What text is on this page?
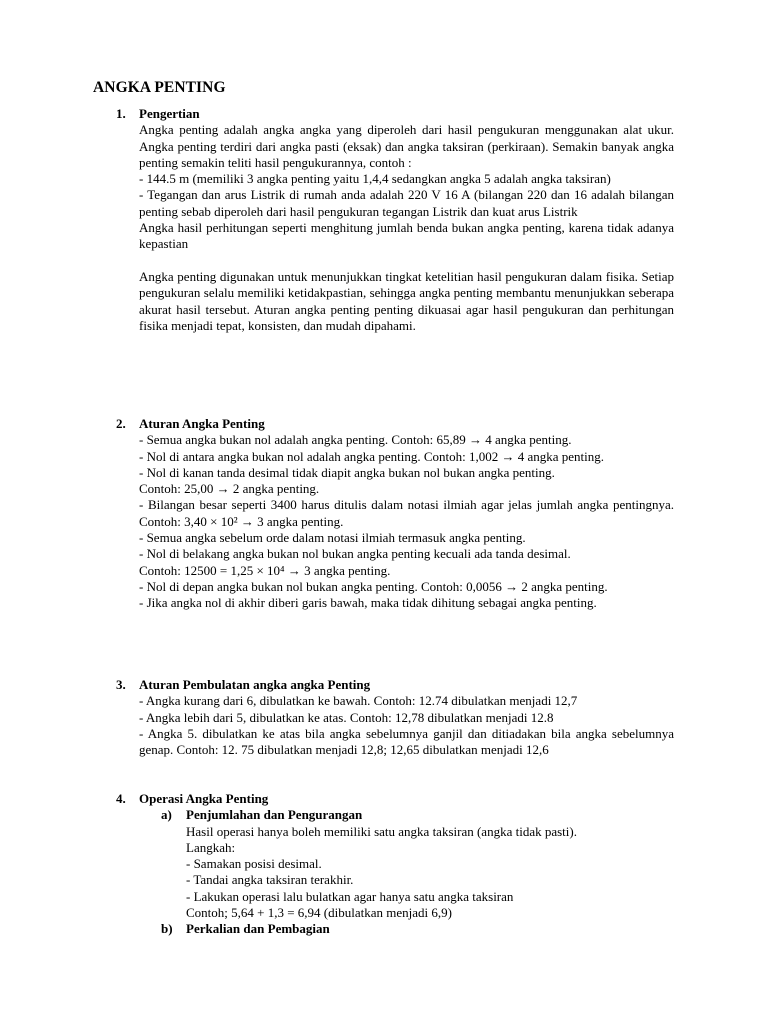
ANGKA PENTING
1. Pengertian

Angka penting adalah angka angka yang diperoleh dari hasil pengukuran menggunakan alat ukur. Angka penting terdiri dari angka pasti (eksak) dan angka taksiran (perkiraan). Semakin banyak angka penting semakin teliti hasil pengukurannya, contoh :

- 144.5 m (memiliki 3 angka penting yaitu 1,4,4 sedangkan angka 5 adalah angka taksiran)

- Tegangan dan arus Listrik di rumah anda adalah 220 V 16 A (bilangan 220 dan 16 adalah bilangan penting sebab diperoleh dari hasil pengukuran tegangan Listrik dan kuat arus Listrik

Angka hasil perhitungan seperti menghitung jumlah benda bukan angka penting, karena tidak adanya kepastian

Angka penting digunakan untuk menunjukkan tingkat ketelitian hasil pengukuran dalam fisika. Setiap pengukuran selalu memiliki ketidakpastian, sehingga angka penting membantu menunjukkan seberapa akurat hasil tersebut. Aturan angka penting penting dikuasai agar hasil pengukuran dan perhitungan fisika menjadi tepat, konsisten, dan mudah dipahami.

2. Aturan Angka Penting

- Semua angka bukan nol adalah angka penting. Contoh: 65,89 → 4 angka penting.

- Nol di antara angka bukan nol adalah angka penting. Contoh: 1,002 → 4 angka penting.

- Nol di kanan tanda desimal tidak diapit angka bukan nol bukan angka penting.

Contoh: 25,00 → 2 angka penting.

- Bilangan besar seperti 3400 harus ditulis dalam notasi ilmiah agar jelas jumlah angka pentingnya. Contoh: 3,40 × 10² → 3 angka penting.

- Semua angka sebelum orde dalam notasi ilmiah termasuk angka penting.

- Nol di belakang angka bukan nol bukan angka penting kecuali ada tanda desimal.

Contoh: 12500 = 1,25 × 10⁴ → 3 angka penting.

- Nol di depan angka bukan nol bukan angka penting. Contoh: 0,0056 → 2 angka penting.

- Jika angka nol di akhir diberi garis bawah, maka tidak dihitung sebagai angka penting.

3. Aturan Pembulatan angka angka Penting

- Angka kurang dari 6, dibulatkan ke bawah. Contoh: 12.74 dibulatkan menjadi 12,7

- Angka lebih dari 5, dibulatkan ke atas. Contoh: 12,78 dibulatkan menjadi 12.8

- Angka 5. dibulatkan ke atas bila angka sebelumnya ganjil dan ditiadakan bila angka sebelumnya genap. Contoh: 12. 75 dibulatkan menjadi 12,8; 12,65 dibulatkan menjadi 12,6

4. Operasi Angka Penting
a) Penjumlahan dan Pengurangan

Hasil operasi hanya boleh memiliki satu angka taksiran (angka tidak pasti).

Langkah:

- Samakan posisi desimal.

- Tandai angka taksiran terakhir.

- Lakukan operasi lalu bulatkan agar hanya satu angka taksiran

Contoh; 5,64 + 1,3 = 6,94 (dibulatkan menjadi 6,9)

b) Perkalian dan Pembagian
